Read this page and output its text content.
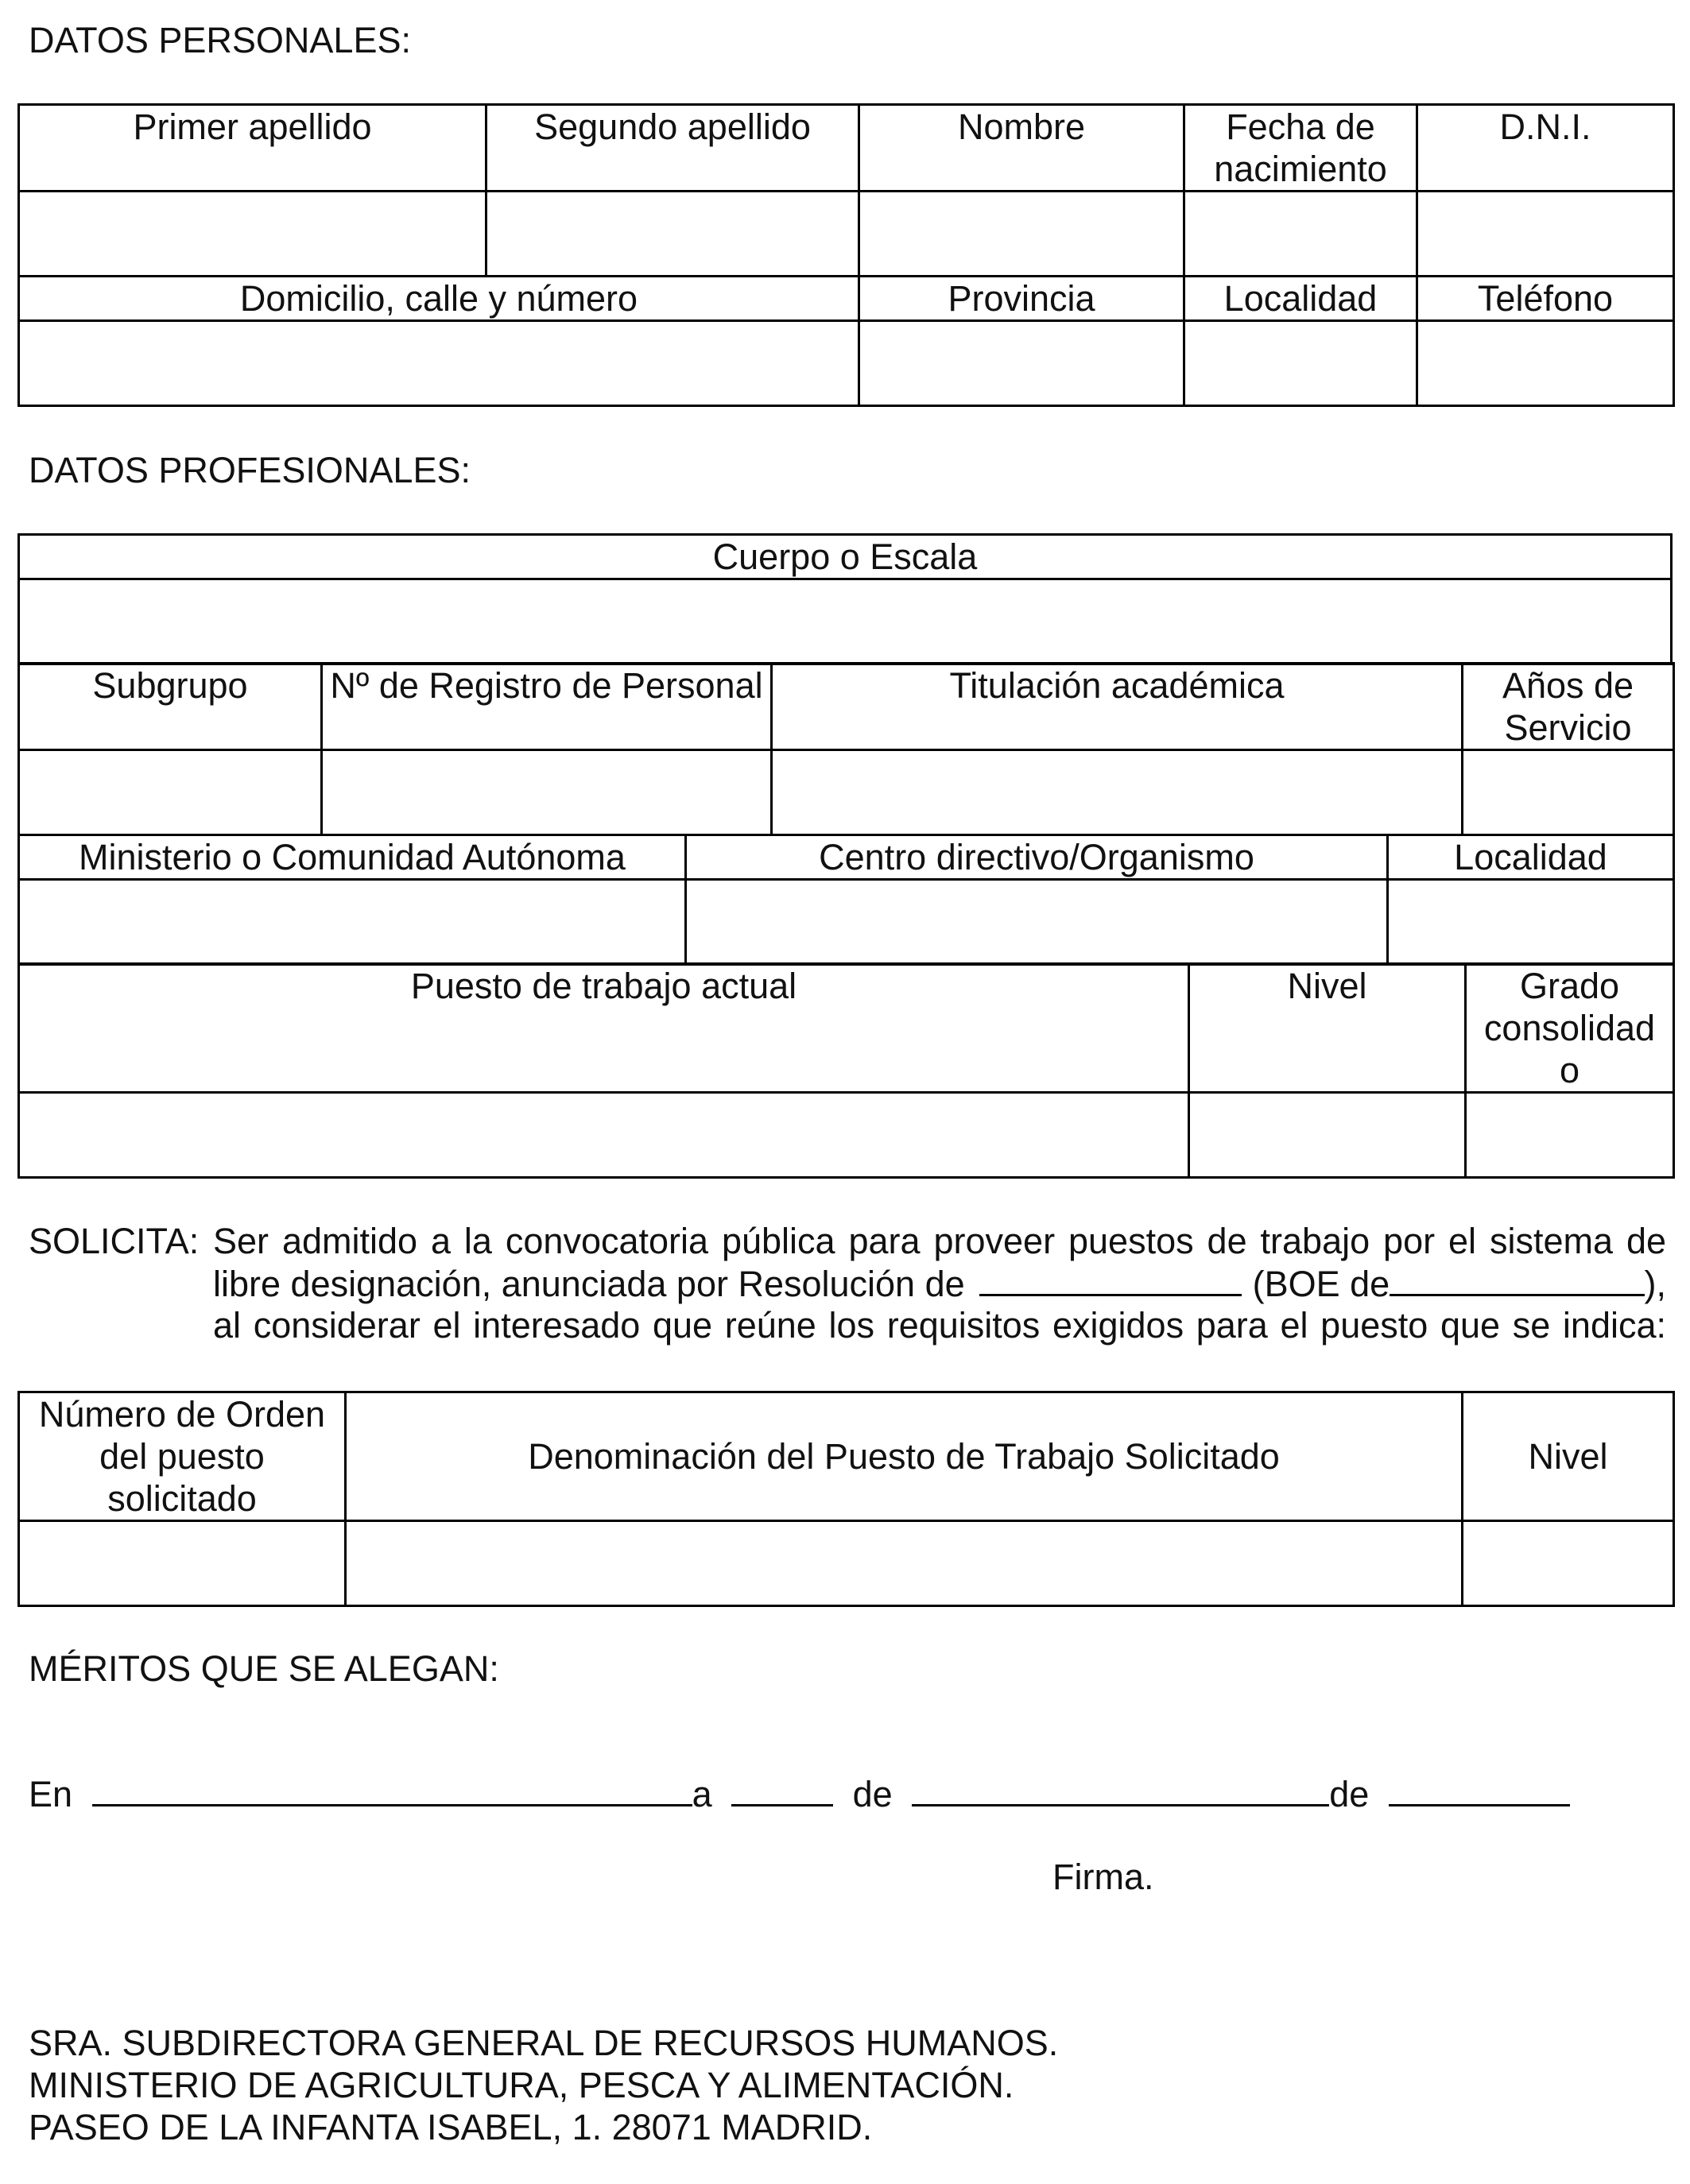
DATOS PERSONALES:

Primer apellido	Segundo apellido	Nombre	Fecha de nacimiento	D.N.I.

Domicilio, calle y número		Provincia	Localidad	Teléfono

DATOS PROFESIONALES:

Cuerpo o Escala

Subgrupo	Nº de Registro de Personal	Titulación académica	Años de Servicio

Ministerio o Comunidad Autónoma	Centro directivo/Organismo	Localidad

Puesto de trabajo actual	Nivel	Grado consolidad o

SOLICITA: Ser admitido a la convocatoria pública para proveer puestos de trabajo por el sistema de
libre designación, anunciada por Resolución de	(BOE de	),
al considerar el interesado que reúne los requisitos exigidos para el puesto que se indica:
Número de Orden del puesto solicitado	Denominación del Puesto de Trabajo Solicitado	Nivel

MÉRITOS QUE SE ALEGAN:

En	a	de	de

Firma.

SRA. SUBDIRECTORA GENERAL DE RECURSOS HUMANOS.
MINISTERIO DE AGRICULTURA, PESCA Y ALIMENTACIÓN.
PASEO DE LA INFANTA ISABEL, 1. 28071 MADRID.
